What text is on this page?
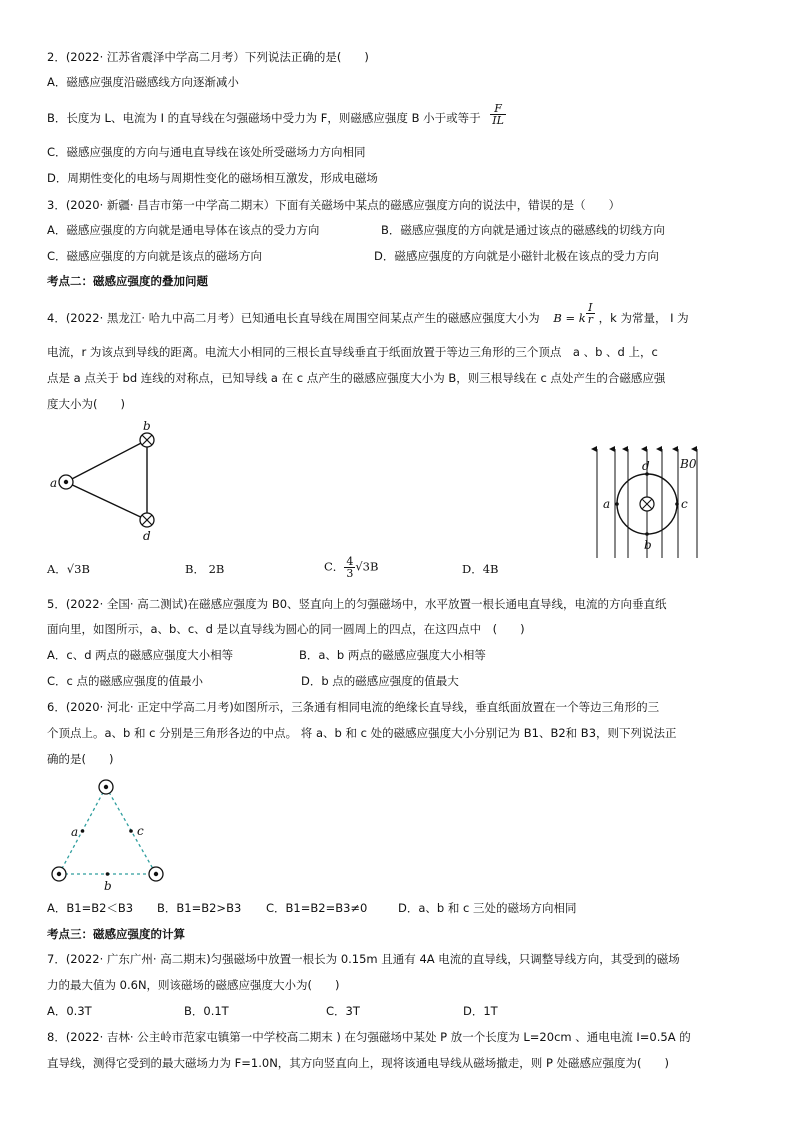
2．(2022· 江苏省震泽中学高二月考）下列说法正确的是(　　)
A．磁感应强度沿磁感线方向逐渐减小
B．长度为 L、电流为 I 的直导线在匀强磁场中受力为 F，则磁感应强度 B 小于或等于 $\frac{F}{IL}$
C．磁感应强度的方向与通电直导线在该处所受磁场力方向相同
D．周期性变化的电场与周期性变化的磁场相互激发，形成电磁场
3．(2020· 新疆· 昌吉市第一中学高二期末）下面有关磁场中某点的磁感应强度方向的说法中，错误的是（　　）
A．磁感应强度的方向就是通电导体在该点的受力方向	B．磁感应强度的方向就是通过该点的磁感线的切线方向
C．磁感应强度的方向就是该点的磁场方向	D．磁感应强度的方向就是小磁针北极在该点的受力方向
考点二：磁感应强度的叠加问题
4．(2022· 黑龙江· 哈九中高二月考）已知通电长直导线在周围空间某点产生的磁感应强度大小为 B = k $\frac{I}{r}$ ，k 为常量， I 为
电流，r 为该点到导线的距离。电流大小相同的三根长直导线垂直于纸面放置于等边三角形的三个顶点　a 、b 、d 上，c
点是 a 点关于 bd 连线的对称点，已知导线 a 在 c 点产生的磁感应强度大小为 B，则三根导线在 c 点处产生的合磁感应强
度大小为(　　)
a
b
d
d
b
a	c
B0
A．√3B	B． 2B	C． $\frac{4}{3} √3B$	D．4B
5．(2022· 全国· 高二测试)在磁感应强度为 B0、竖直向上的匀强磁场中，水平放置一根长通电直导线，电流的方向垂直纸
面向里，如图所示，a、b、c、d 是以直导线为圆心的同一圆周上的四点，在这四点中　(　　)
A．c、d 两点的磁感应强度大小相等	B．a、b 两点的磁感应强度大小相等
C．c 点的磁感应强度的值最小	D．b 点的磁感应强度的值最大
6．(2020· 河北· 正定中学高二月考)如图所示，三条通有相同电流的绝缘长直导线，垂直纸面放置在一个等边三角形的三
个顶点上。a、b 和 c 分别是三角形各边的中点。 将 a、b 和 c 处的磁感应强度大小分别记为 B1、B2和 B3，则下列说法正
确的是(　　)
a	c
b
A．B1=B2＜B3 B．B1=B2>B3 C．B1=B2=B3≠0	D．a、b 和 c 三处的磁场方向相同
考点三：磁感应强度的计算
7．(2022· 广东广州· 高二期末)匀强磁场中放置一根长为 0.15m 且通有 4A 电流的直导线，只调整导线方向，其受到的磁场
力的最大值为 0.6N，则该磁场的磁感应强度大小为(　　)
A．0.3T	B．0.1T	C．3T	D．1T
8．(2022· 吉林· 公主岭市范家屯镇第一中学校高二期末 ) 在匀强磁场中某处 P 放一个长度为 L=20cm 、通电电流 I=0.5A 的
直导线，测得它受到的最大磁场力为 F=1.0N，其方向竖直向上，现将该通电导线从磁场撤走，则 P 处磁感应强度为(　　)
